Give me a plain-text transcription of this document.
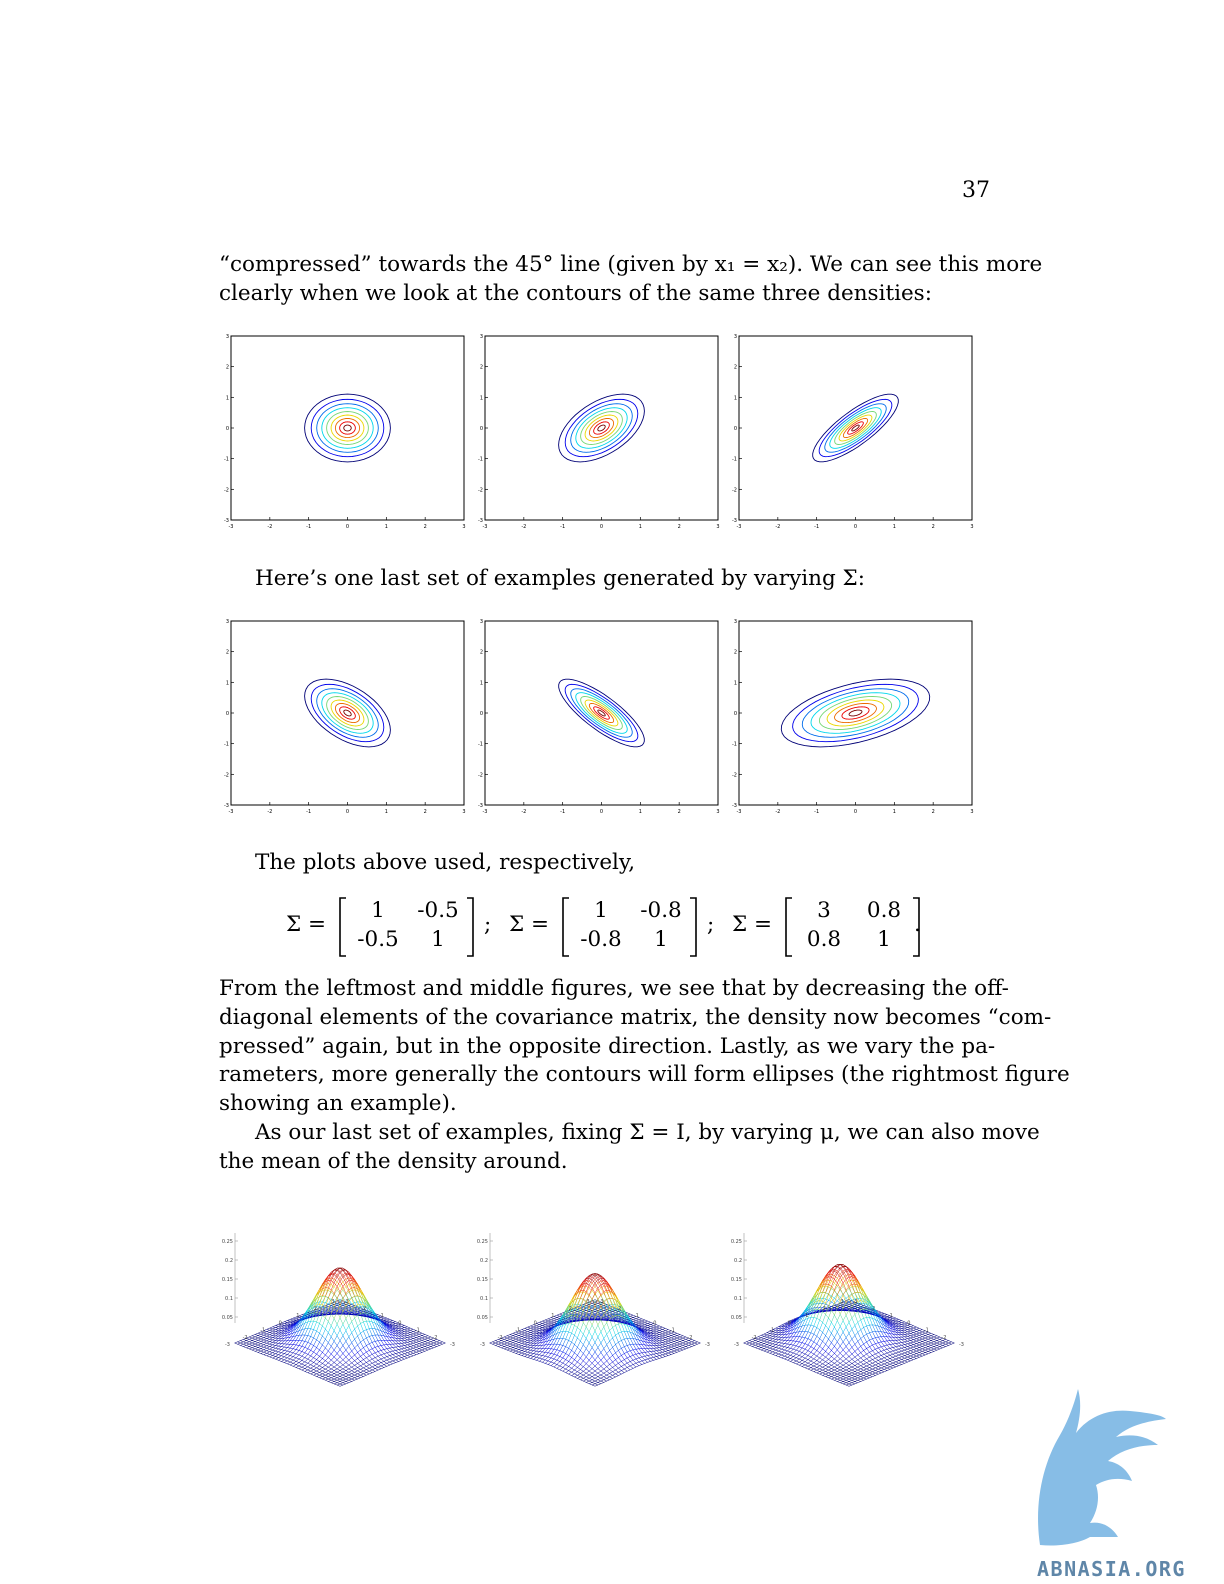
37
“compressed” towards the 45° line (given by x₁ = x₂). We can see this more
clearly when we look at the contours of the same three densities:
-3	-2	-1	0	1	2	3
-3
-2
-1
0
1
2
3
-3	-2	-1	0	1	2	3
-3
-2
-1
0
1
2
3
-3	-2	-1	0	1	2	3
-3
-2
-1
0
1
2
3
Here’s one last set of examples generated by varying Σ:
-3	-2	-1	0	1	2	3
-3
-2
-1
0
1
2
3
-3	-2	-1	0	1	2	3
-3
-2
-1
0
1
2
3
-3	-2	-1	0	1	2	3
-3
-2
-1
0
1
2
3
The plots above used, respectively,
Σ =
1	-0.5
-0.5	1
; Σ =
1	-0.8
-0.8	1
; Σ =
3	0.8
0.8	1
.
From the leftmost and middle figures, we see that by decreasing the off-
diagonal elements of the covariance matrix, the density now becomes “com-
pressed” again, but in the opposite direction. Lastly, as we vary the pa-
rameters, more generally the contours will form ellipses (the rightmost figure
showing an example).
As our last set of examples, fixing Σ = I, by varying μ, we can also move
the mean of the density around.
0.25
0.2
0.15
0.1
0.05
3 3
2	2
1	1
0	0
-1	-1
-2	-2
-3	-3
0.25
0.2
0.15
0.1
0.05
3 3
2	2
1	1
0	0
-1	-1
-2	-2
-3	-3
0.25
0.2
0.15
0.1
0.05
3 3
2	2
1	1
0	0
-1	-1
-2	-2
-3	-3
ABNASIA.ORG
